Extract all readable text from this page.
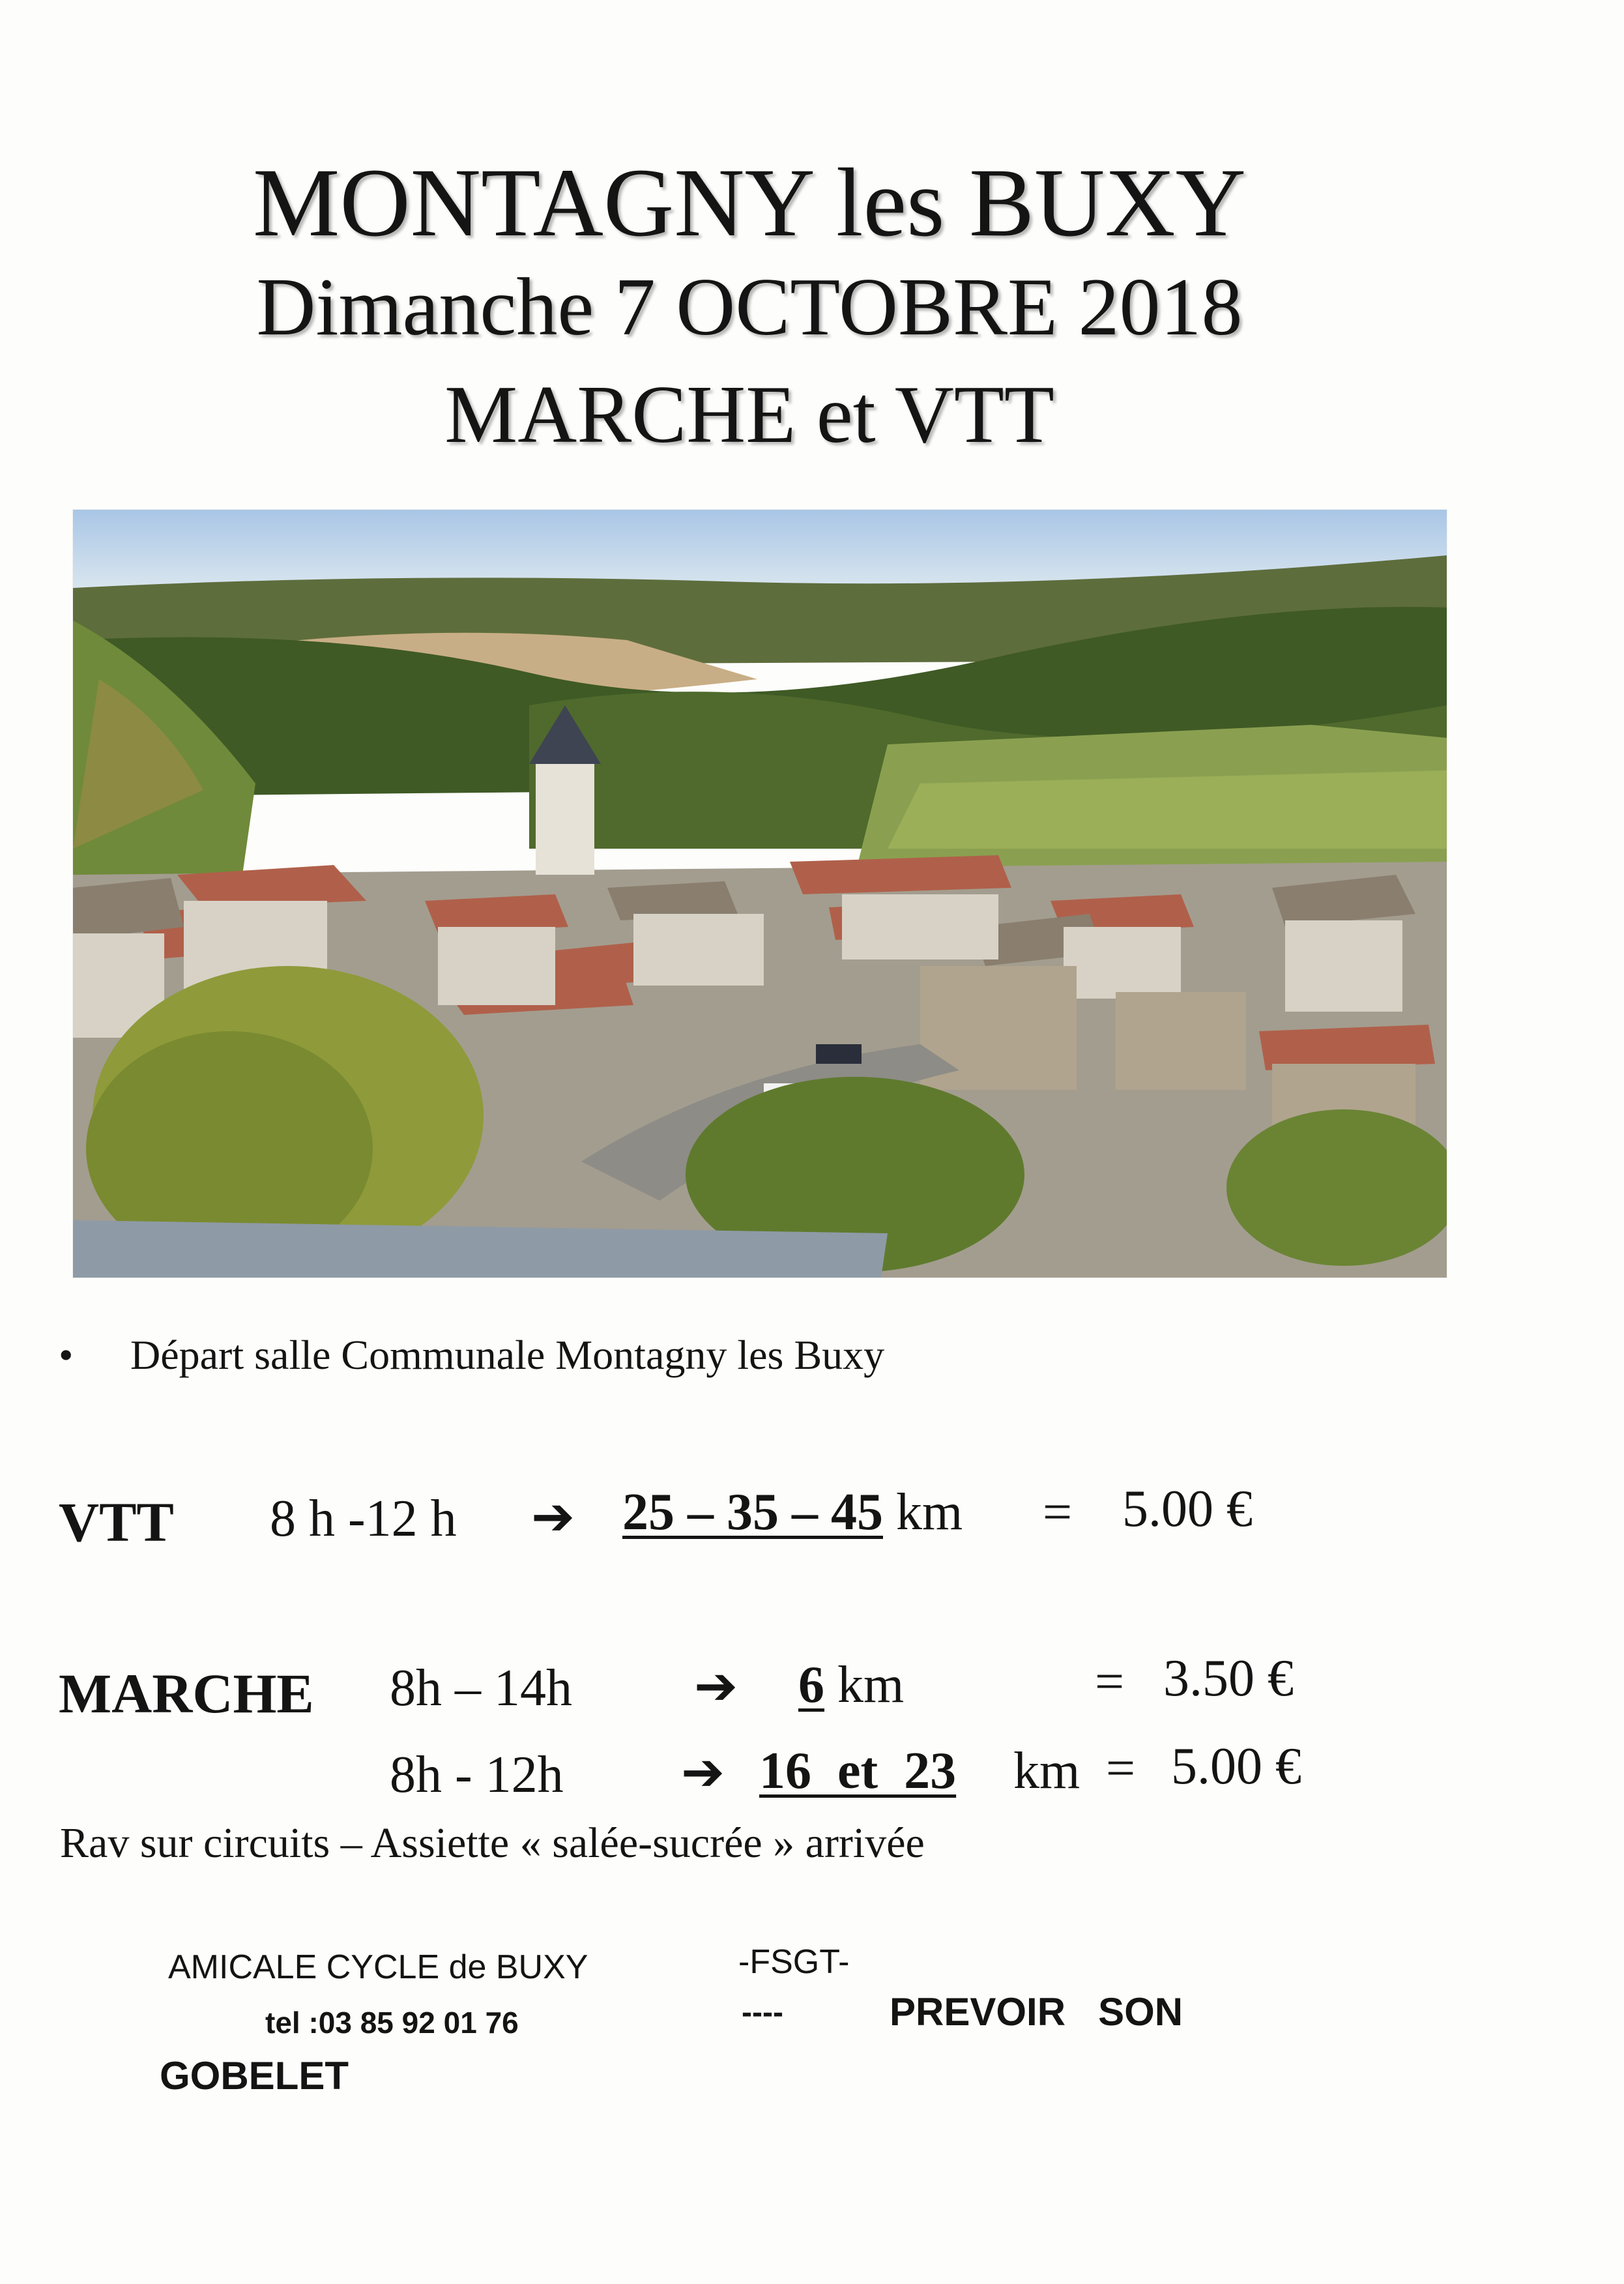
MONTAGNY les BUXY
Dimanche 7 OCTOBRE 2018
MARCHE et VTT
• Départ salle Communale Montagny les Buxy
VTT 8 h -12 h ➔ 25 – 35 – 45 km = 5.00 €
MARCHE 8h – 14h ➔ 6 km	= 3.50 €
8h - 12h ➔ 16  et  23 km = 5.00 €
Rav sur circuits – Assiette « salée-sucrée » arrivée
AMICALE CYCLE de BUXY	-FSGT-
tel :03 85 92 01 76	----	PREVOIR   SON
GOBELET
